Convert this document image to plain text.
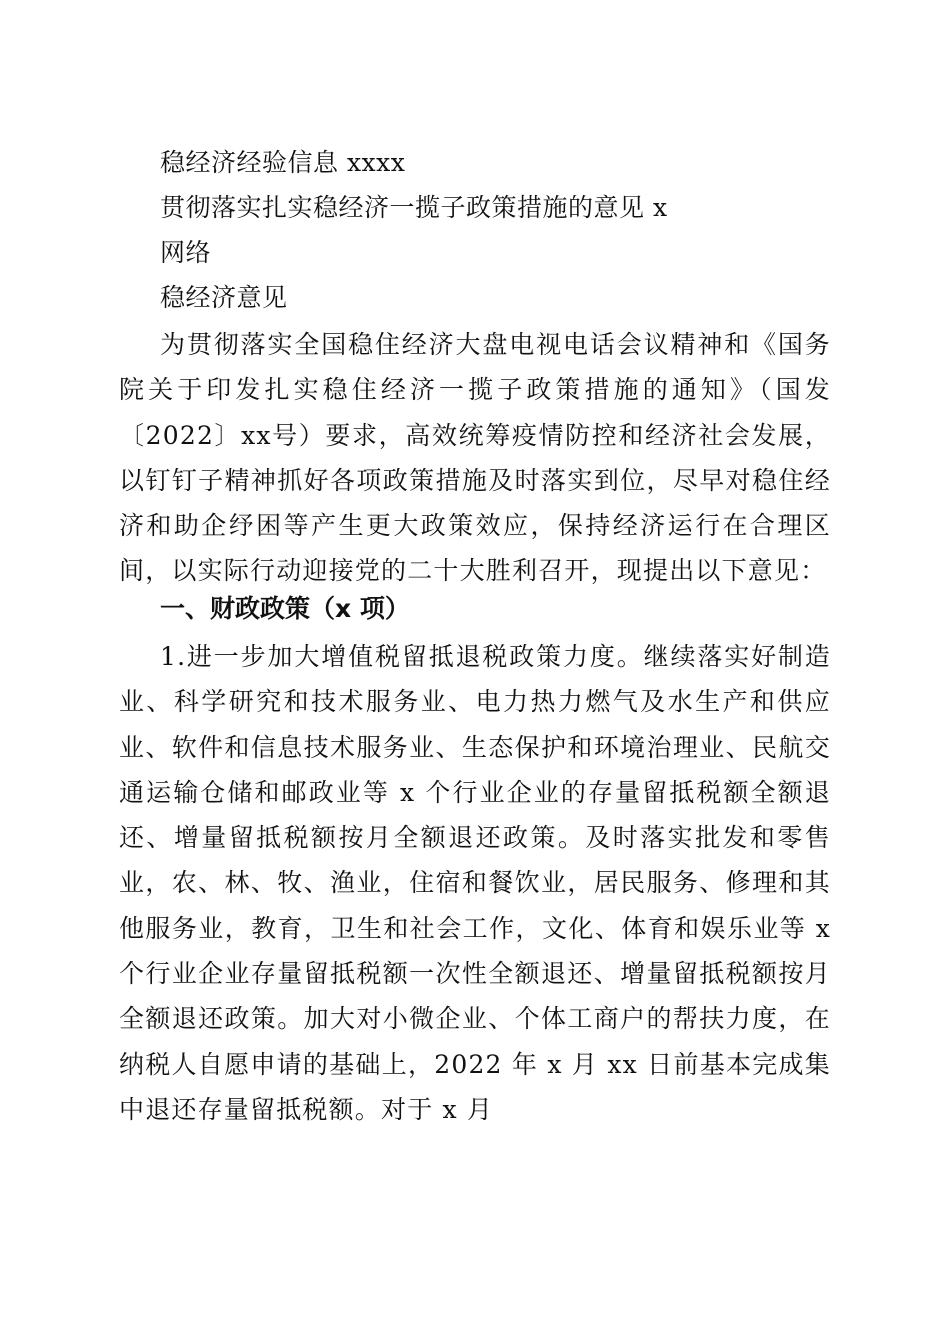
稳经济经验信息 xxxx
贯彻落实扎实稳经济一揽子政策措施的意见 x
网络
稳经济意见

为贯彻落实全国稳住经济大盘电视电话会议精神和《国务院关于印发扎实稳住经济一揽子政策措施的通知》（国发〔2022〕xx号）要求，高效统筹疫情防控和经济社会发展，以钉钉子精神抓好各项政策措施及时落实到位，尽早对稳住经济和助企纾困等产生更大政策效应，保持经济运行在合理区间，以实际行动迎接党的二十大胜利召开，现提出以下意见：

一、财政政策（x 项）

1.进一步加大增值税留抵退税政策力度。继续落实好制造业、科学研究和技术服务业、电力热力燃气及水生产和供应业、软件和信息技术服务业、生态保护和环境治理业、民航交通运输仓储和邮政业等 x 个行业企业的存量留抵税额全额退还、增量留抵税额按月全额退还政策。及时落实批发和零售业，农、林、牧、渔业，住宿和餐饮业，居民服务、修理和其他服务业，教育，卫生和社会工作，文化、体育和娱乐业等 x 个行业企业存量留抵税额一次性全额退还、增量留抵税额按月全额退还政策。加大对小微企业、个体工商户的帮扶力度，在纳税人自愿申请的基础上，2022 年 x 月 xx 日前基本完成集中退还存量留抵税额。对于 x 月
